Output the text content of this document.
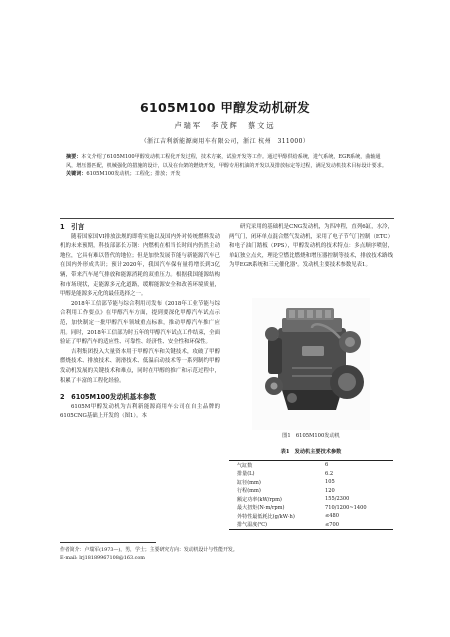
6105M100 甲醇发动机研发
卢瑞军　李茂辉　蔡文远
（浙江吉利新能源商用车有限公司，浙江 杭州　311000）
摘要：本文介绍了6105M100甲醇发动机工程化开发过程，技术方案，试验开发等工作。通过甲醇供给系统，进气系统，EGR系统，曲轴通风，增压器匹配，机械强化的措施的设计，以及在台架的燃烧开发，甲醇专用机油的开发以及排放标定等过程，满足发动机技术目标设计要求。
关键词：6105M100发动机；工程化；排放；开发

1　引言

随着国家国VI排放法规的即将实施以及国内外对传统燃料发动机的未来预期，科技部部长万钢：内燃机在相当长时间内仍然主动地位，它具有难以替代的地位；但是加快发展节能与新能源汽车已在国内外形成共识；预计2020年，我国汽车保有量将增长到3亿辆，带来汽车尾气排放和能源消耗的双重压力。根据我国能源结构和市场现状，走能源多元化道路，缓解能源安全和改善环境质量，甲醇是能源多元化的最佳选择之一。

2018年工信部节能与综合利用司发布《2018年工业节能与综合利用工作要点》在甲醇汽车方面，提到要深化甲醇汽车试点示范，加快制定一批甲醇汽车领域重点标准，推动甲醇汽车推广应用。同时，2018年工信部为时五年的甲醇汽车试点工作结束，全面验证了甲醇汽车的适应性、可靠性、经济性、安全性和环保性。

吉利集团投入大量资本用于甲醇汽车和关键技术，攻破了甲醇燃烧技术、排放技术、润滑技术、低温启动技术等一系列制约甲醇发动机发展的关键技术和难点，同时在甲醇的推广和示范过程中，积累了丰富的工程化经验。

2　6105M100发动机基本参数

6105M甲醇发动机为吉利新能源商用车公司在自主品牌的6105CNG基础上开发的（图1）。本

研究采用的基础机是CNG发动机，为四冲程，直列6缸，水冷，两气门，闭环单点混合燃气发动机，采用了电子节气门控制（ETC）和电子油门踏板（PPS），甲醇发动机的技术特点：多点顺序喷射，单缸独立点火，理论空燃比燃烧和增压器控制等技术，排放技术路线为甲EGR系统和三元催化器¹。发动机主要技术参数见表1。

图1　6105M100发动机
表1　发动机主要技术参数
气缸数	6
排量(L)	6.2
缸径(mm)	105
行程(mm)	120
额定功率(kW/rpm)	155/2300
最大扭矩(N·m/rpm)	710/1200~1400
外特性最低耗比(g/kW·h)	≤480
排气温度(℃)	≤700
作者简介：卢瑞军(1973—)，男，学士；主要研究方向：发动机设计与性能开发。
E-mail: lrj18189967108@163.com
